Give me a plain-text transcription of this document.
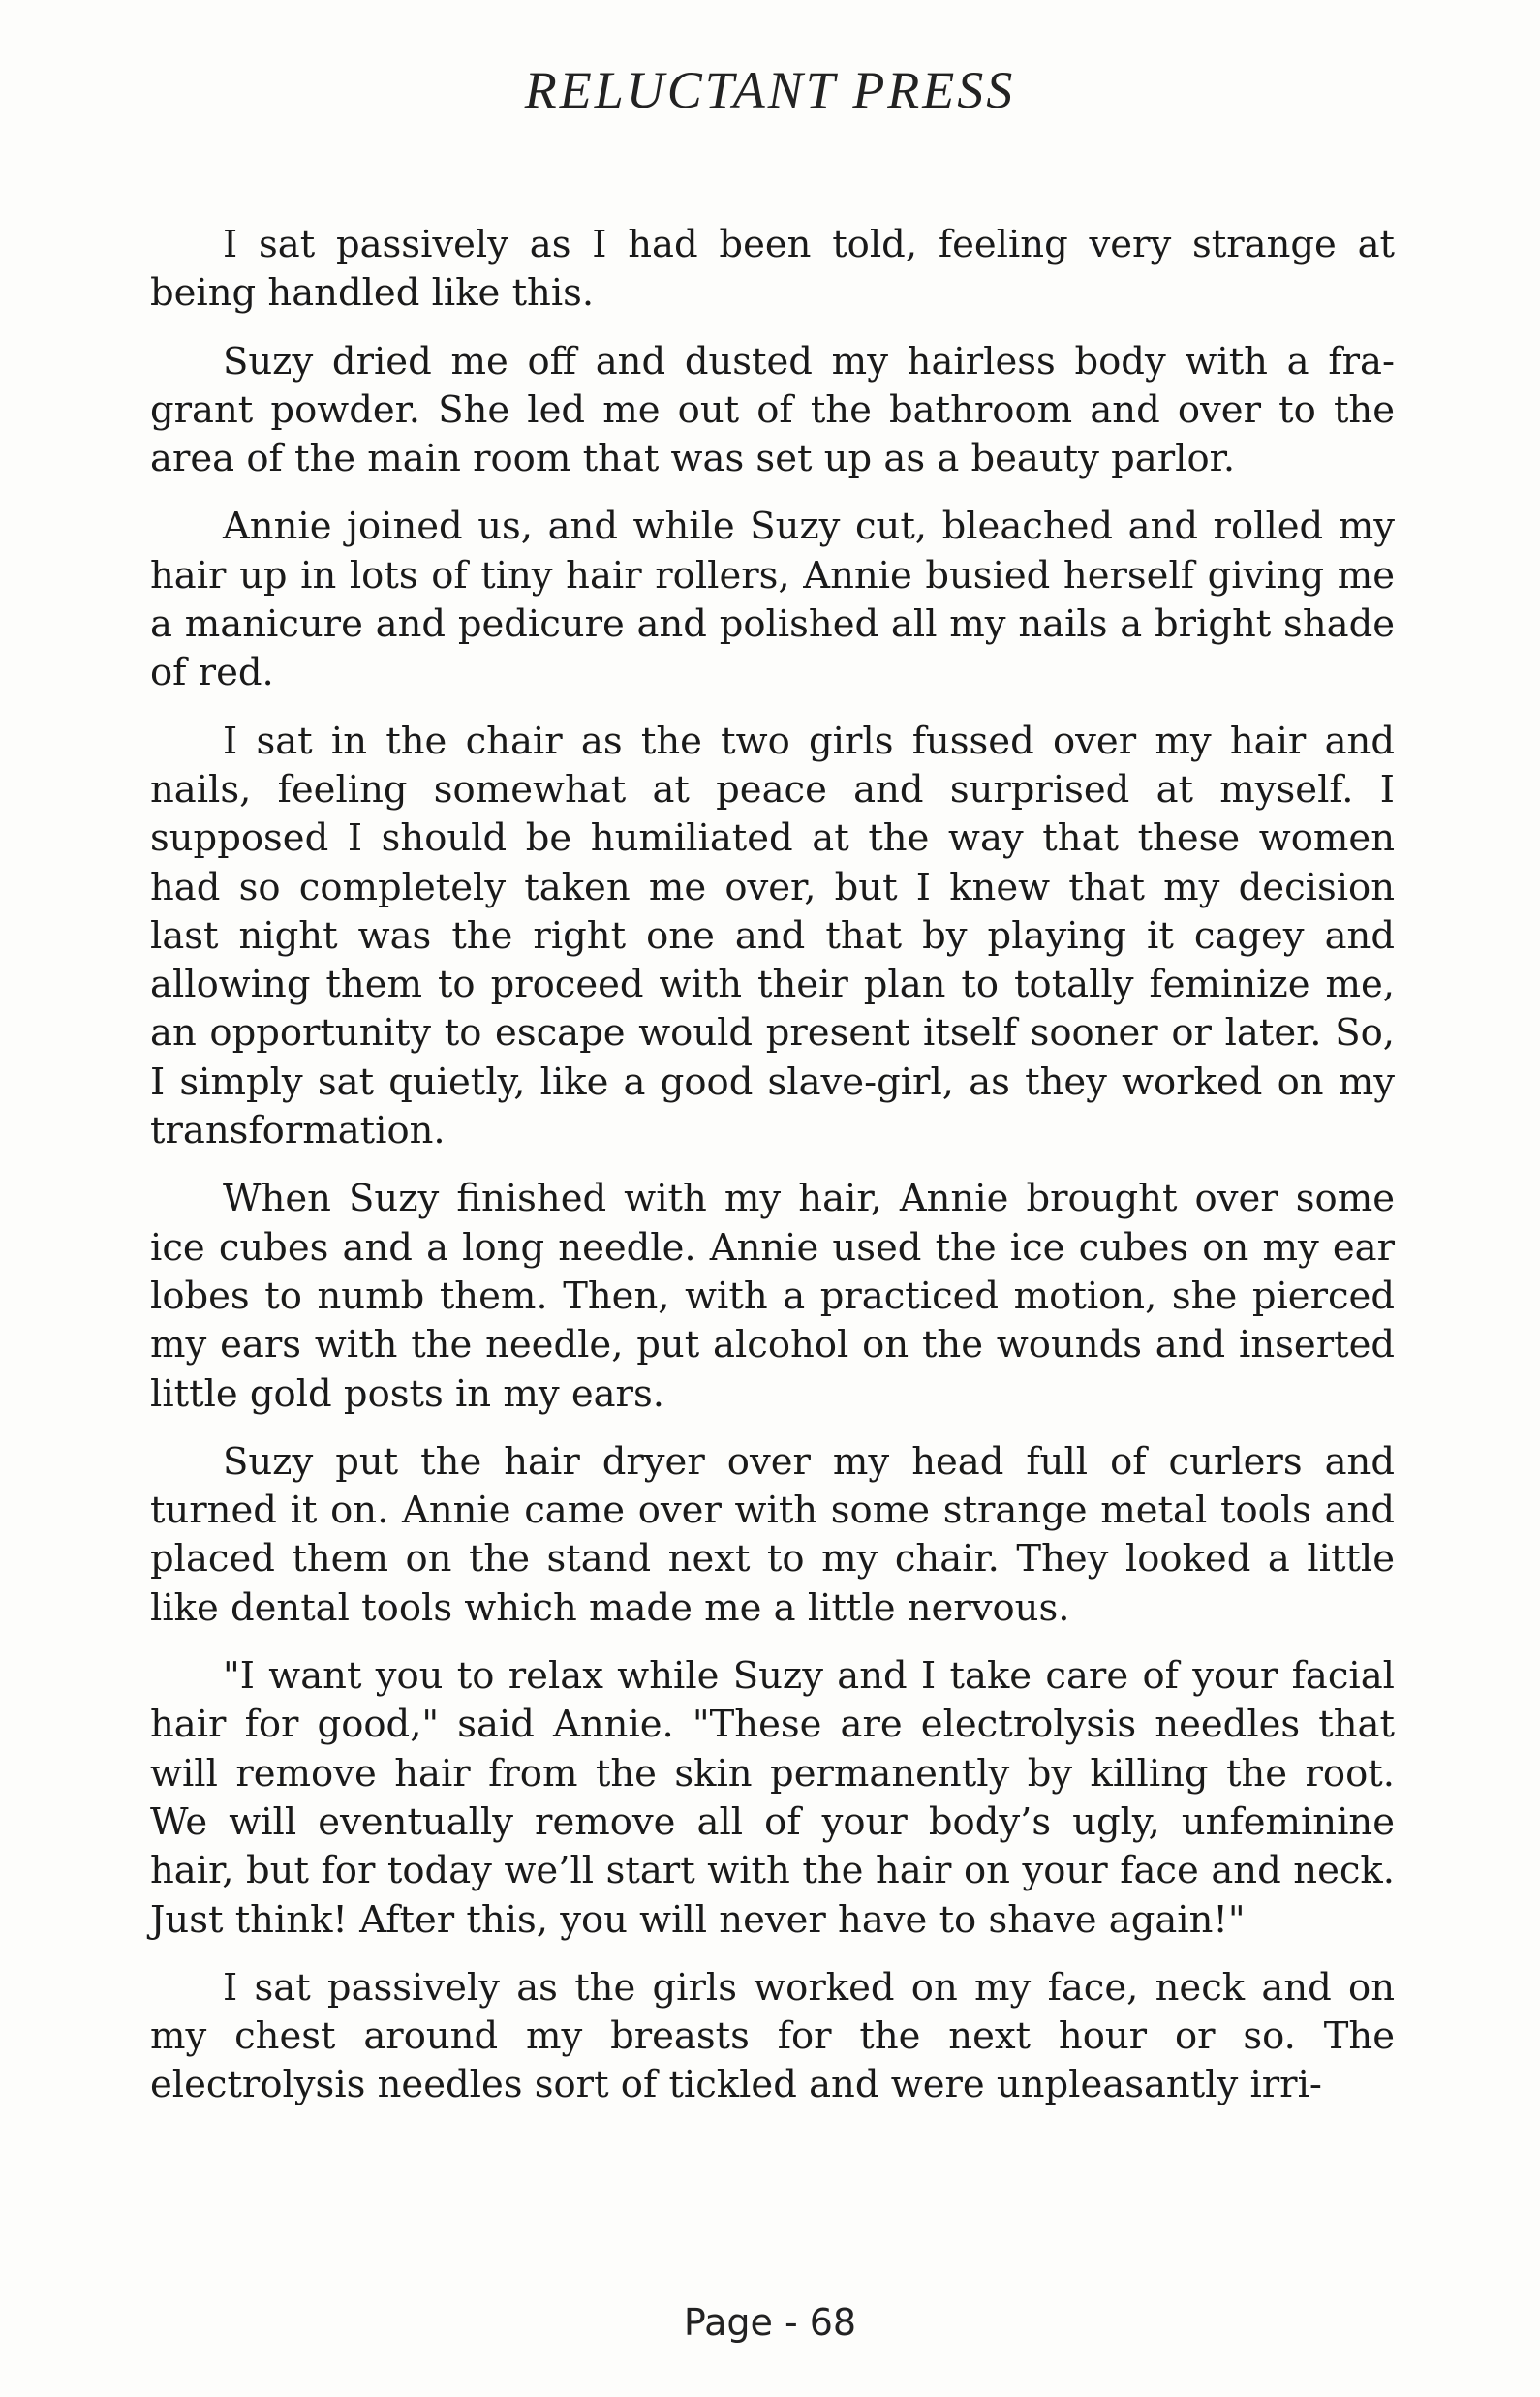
RELUCTANT PRESS

I sat passively as I had been told, feeling very strange at being handled like this.

Suzy dried me off and dusted my hairless body with a fragrant powder. She led me out of the bathroom and over to the area of the main room that was set up as a beauty parlor.

Annie joined us, and while Suzy cut, bleached and rolled my hair up in lots of tiny hair rollers, Annie busied herself giving me a manicure and pedicure and polished all my nails a bright shade of red.

I sat in the chair as the two girls fussed over my hair and nails, feeling somewhat at peace and surprised at myself. I supposed I should be humiliated at the way that these women had so completely taken me over, but I knew that my decision last night was the right one and that by playing it cagey and allowing them to proceed with their plan to totally feminize me, an opportunity to escape would present itself sooner or later. So, I simply sat quietly, like a good slave-girl, as they worked on my transformation.

When Suzy finished with my hair, Annie brought over some ice cubes and a long needle. Annie used the ice cubes on my ear lobes to numb them. Then, with a practiced motion, she pierced my ears with the needle, put alcohol on the wounds and inserted little gold posts in my ears.

Suzy put the hair dryer over my head full of curlers and turned it on. Annie came over with some strange metal tools and placed them on the stand next to my chair. They looked a little like dental tools which made me a little nervous.

"I want you to relax while Suzy and I take care of your facial hair for good," said Annie. "These are electrolysis needles that will remove hair from the skin permanently by killing the root. We will eventually remove all of your body’s ugly, unfeminine hair, but for today we’ll start with the hair on your face and neck. Just think! After this, you will never have to shave again!"

I sat passively as the girls worked on my face, neck and on my chest around my breasts for the next hour or so. The electrolysis needles sort of tickled and were unpleasantly irri-

Page - 68
